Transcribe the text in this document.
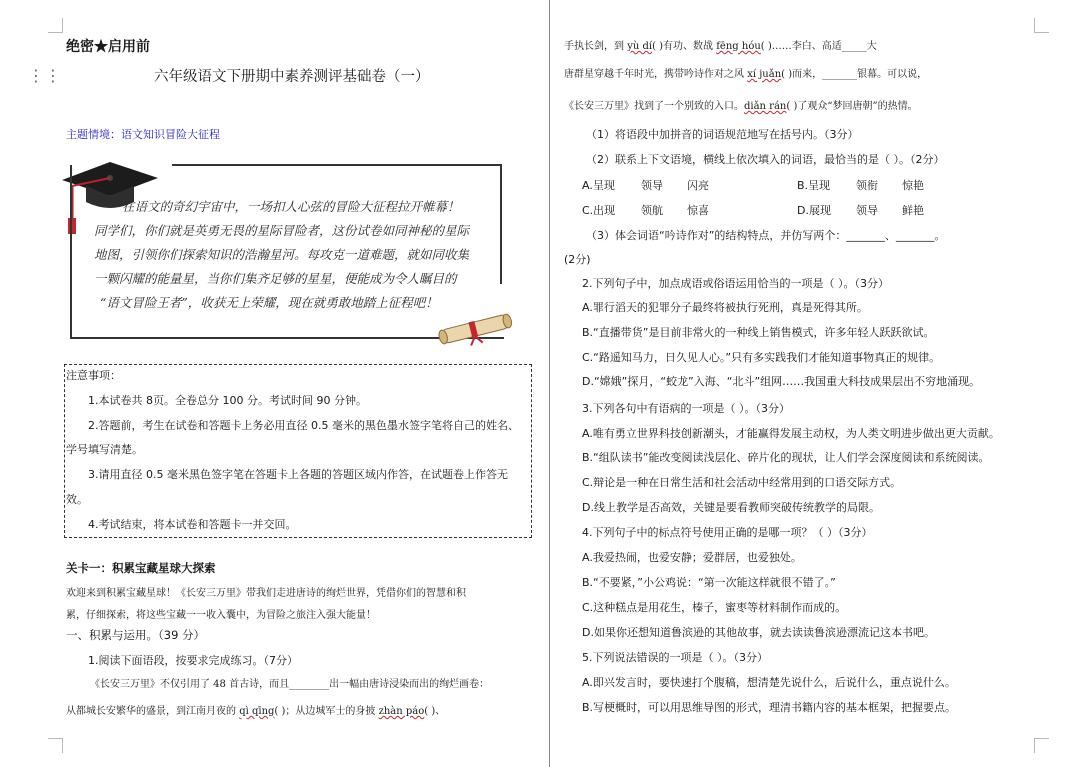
⋮⋮
绝密★启用前
六年级语文下册期中素养测评基础卷（一）
主题情境：语文知识冒险大征程
在语文的奇幻宇宙中，一场扣人心弦的冒险大征程拉开帷幕！
同学们，你们就是英勇无畏的星际冒险者，这份试卷如同神秘的星际
地图，引领你们探索知识的浩瀚星河。每攻克一道难题，就如同收集
一颗闪耀的能量星，当你们集齐足够的星星，便能成为令人瞩目的
“语文冒险王者”，收获无上荣耀，现在就勇敢地踏上征程吧！
注意事项：
1.本试卷共 8页。全卷总分 100 分。考试时间 90 分钟。
2.答题前，考生在试卷和答题卡上务必用直径 0.5 毫米的黑色墨水签字笔将自己的姓名、
学号填写清楚。
3.请用直径 0.5 毫米黑色签字笔在答题卡上各题的答题区域内作答，在试题卷上作答无
效。
4.考试结束，将本试卷和答题卡一并交回。
关卡一：积累宝藏星球大探索
欢迎来到积累宝藏星球！《长安三万里》带我们走进唐诗的绚烂世界，凭借你们的智慧和积
累，仔细探索，将这些宝藏一一收入囊中，为冒险之旅注入强大能量！
一、积累与运用。（39 分）
1.阅读下面语段，按要求完成练习。（7分）
《长安三万里》不仅引用了 48 首古诗，而且________出一幅由唐诗浸染而出的绚烂画卷：
从都城长安繁华的盛景，到江南月夜的 qì qīng( )；从边城军士的身披 zhàn páo( )、
手执长剑，到 yù dí( )有功、数战 fēng hóu( )……李白、高适_____大
唐群星穿越千年时光，携带吟诗作对之风 xí juǎn( )而来，_______银幕。可以说，
《长安三万里》找到了一个别致的入口。diǎn rán( )了观众“梦回唐朝”的热情。
（1）将语段中加拼音的词语规范地写在括号内。（3分）
（2）联系上下文语境，横线上依次填入的词语，最恰当的是（ ）。（2分）
A.呈现 领导 闪亮	B.呈现 领衔 惊艳
C.出现 领航 惊喜	D.展现 领导 鲜艳
（3）体会词语“吟诗作对”的结构特点，并仿写两个：_______、_______。
(2分)
2.下列句子中，加点成语或俗语运用恰当的一项是（ ）。（3分）
A.罪行滔天的犯罪分子最终将被执行死刑，真是死得其所。
B.“直播带货”是目前非常火的一种线上销售模式，许多年轻人跃跃欲试。
C.“路遥知马力，日久见人心。”只有多实践我们才能知道事物真正的规律。
D.“嫦娥”探月，“蛟龙”入海、“北斗”组网……我国重大科技成果层出不穷地涌现。
3.下列各句中有语病的一项是（ ）。（3分）
A.唯有勇立世界科技创新潮头，才能赢得发展主动权，为人类文明进步做出更大贡献。
B.“组队读书”能改变阅读浅层化、碎片化的现状，让人们学会深度阅读和系统阅读。
C.辩论是一种在日常生活和社会活动中经常用到的口语交际方式。
D.线上教学是否高效，关键是要看教师突破传统教学的局限。
4.下列句子中的标点符号使用正确的是哪一项？（ ）（3分）
A.我爱热闹，也爱安静；爱群居，也爱独处。
B.“不要紧，”小公鸡说：“第一次能这样就很不错了。”
C.这种糕点是用花生，榛子，蜜枣等材料制作而成的。
D.如果你还想知道鲁滨逊的其他故事，就去读读鲁滨逊漂流记这本书吧。
5.下列说法错误的一项是（ ）。（3分）
A.即兴发言时，要快速打个腹稿，想清楚先说什么，后说什么，重点说什么。
B.写梗概时，可以用思维导图的形式，理清书籍内容的基本框架，把握要点。
